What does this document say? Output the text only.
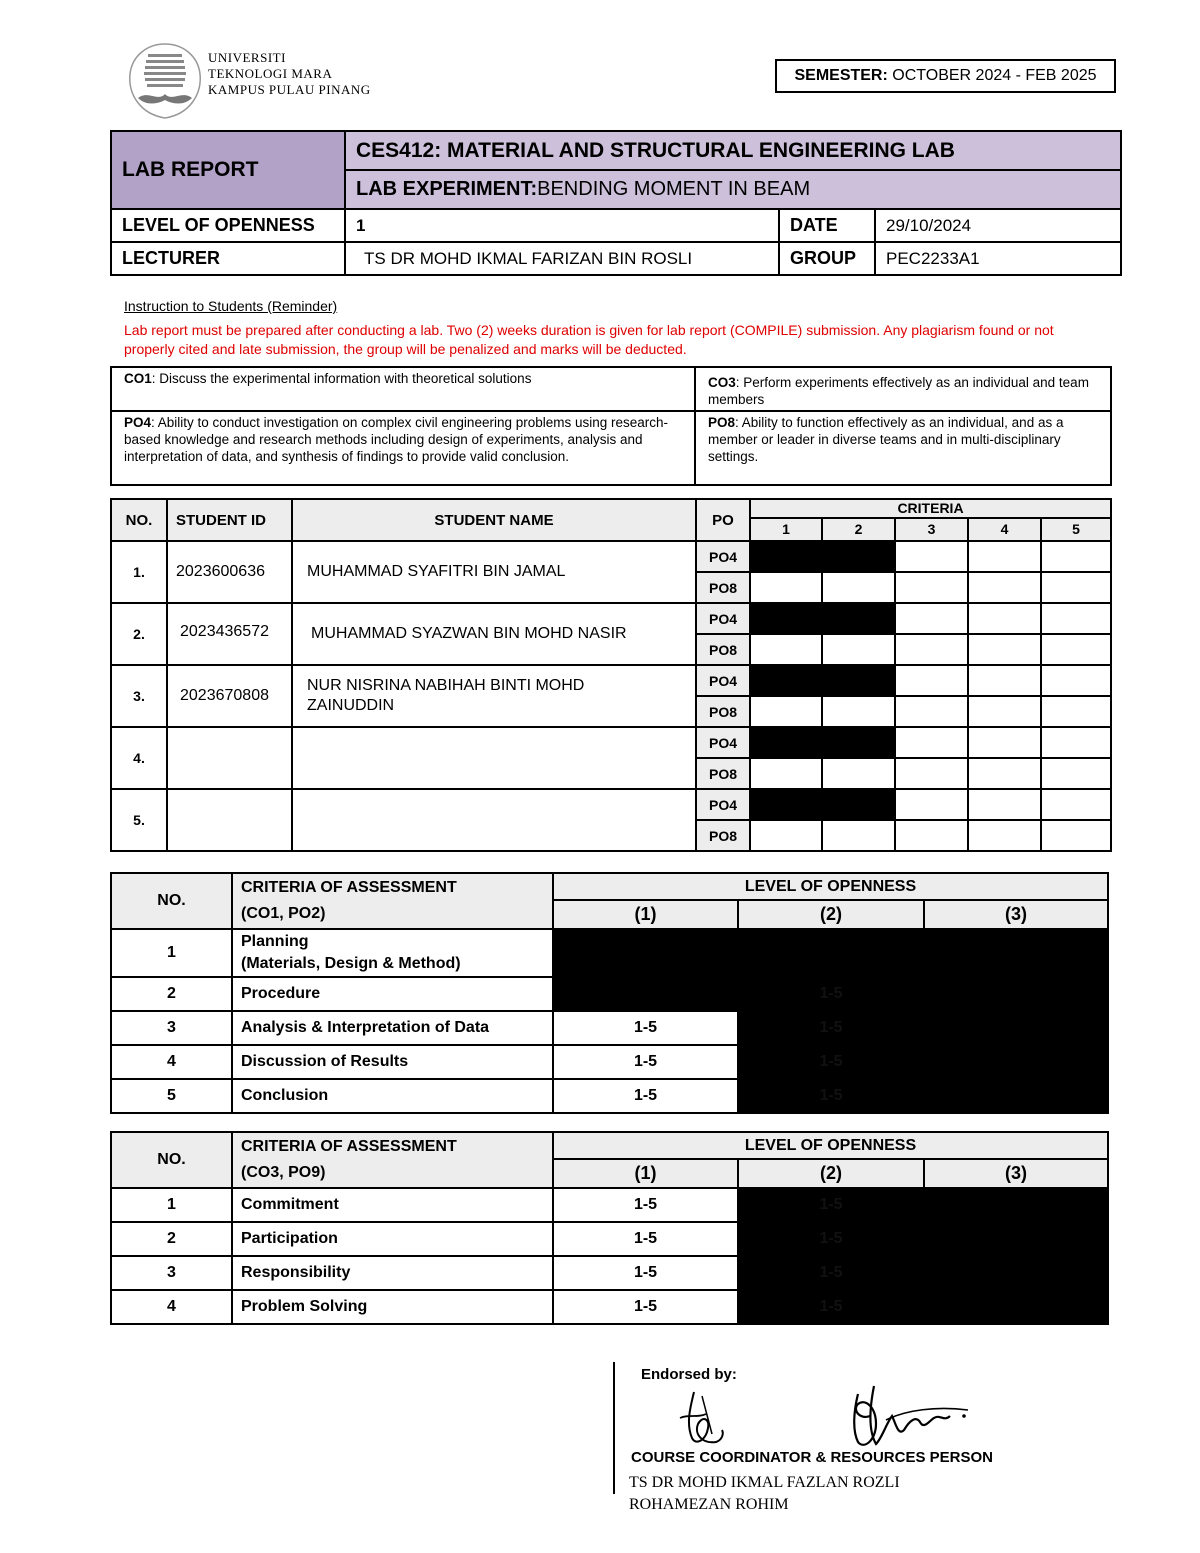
UNIVERSITI
TEKNOLOGI MARA
KAMPUS PULAU PINANG
SEMESTER: OCTOBER 2024 - FEB 2025
LAB REPORT	CES412: MATERIAL AND STRUCTURAL ENGINEERING LAB		
	LAB EXPERIMENT:BENDING MOMENT IN BEAM		
LEVEL OF OPENNESS	1	DATE	29/10/2024
LECTURER	TS DR MOHD IKMAL FARIZAN BIN ROSLI	GROUP	PEC2233A1
Instruction to Students (Reminder)
Lab report must be prepared after conducting a lab. Two (2) weeks duration is given for lab report (COMPILE) submission. Any plagiarism found or not properly cited and late submission, the group will be penalized and marks will be deducted.
CO1: Discuss the experimental information with theoretical solutions	CO3: Perform experiments effectively as an individual and team members
PO4: Ability to conduct investigation on complex civil engineering problems using research-based knowledge and research methods including design of experiments, analysis and interpretation of data, and synthesis of findings to provide valid conclusion.	PO8: Ability to function effectively as an individual, and as a member or leader in diverse teams and in multi-disciplinary settings.
NO.	STUDENT ID	STUDENT NAME	PO	CRITERIA				
				1	2	3	4	5
1.	2023600636	MUHAMMAD SYAFITRI BIN JAMAL	PO4					
			PO8					
2.	2023436572	MUHAMMAD SYAZWAN BIN MOHD NASIR	PO4					
			PO8					
3.	2023670808	NUR NISRINA NABIHAH BINTI MOHD ZAINUDDIN	PO4					
			PO8					
4.			PO4					
			PO8					
5.			PO4					
			PO8					
NO.	CRITERIA OF ASSESSMENT
(CO1, PO2)	LEVEL OF OPENNESS		
		(1)	(2)	(3)
1	Planning
(Materials, Design & Method)			

2	Procedure		1-5	
3	Analysis & Interpretation of Data	1-5	1-5	
4	Discussion of Results	1-5	1-5	
5	Conclusion	1-5	1-5	
NO.	CRITERIA OF ASSESSMENT
(CO3, PO9)	LEVEL OF OPENNESS		
		(1)	(2)	(3)
1	Commitment	1-5	1-5	
2	Participation	1-5	1-5	
3	Responsibility	1-5	1-5	
4	Problem Solving	1-5	1-5	
Endorsed by:
COURSE COORDINATOR & RESOURCES PERSON
TS DR MOHD IKMAL FAZLAN ROZLI
ROHAMEZAN ROHIM
